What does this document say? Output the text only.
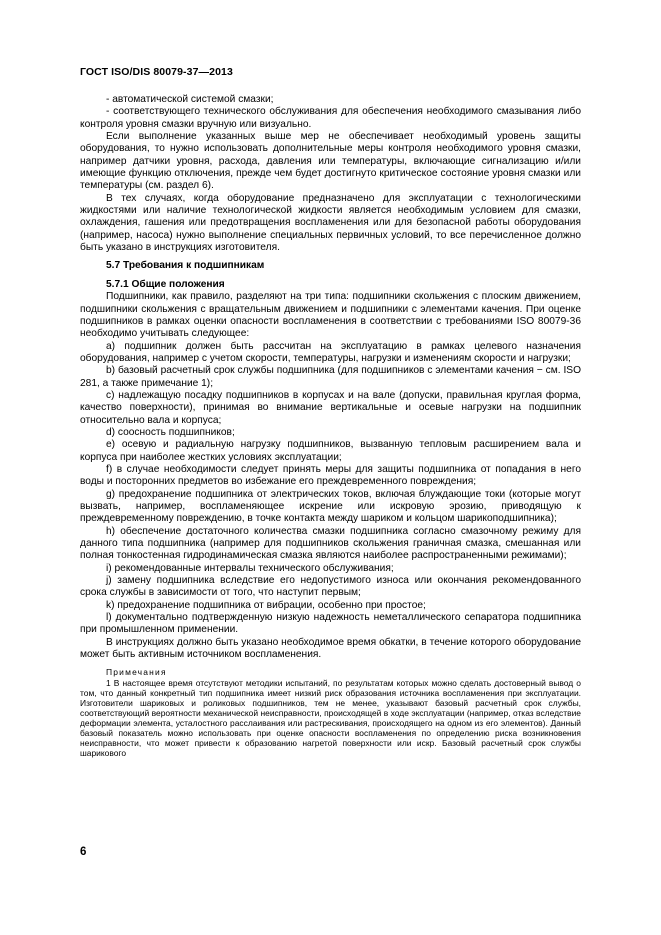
ГОСТ ISO/DIS 80079-37—2013

- автоматической системой смазки;

- соответствующего технического обслуживания для обеспечения необходимого смазывания либо контроля уровня смазки вручную или визуально.

Если выполнение указанных выше мер не обеспечивает необходимый уровень защиты оборудования, то нужно использовать дополнительные меры контроля необходимого уровня смазки, например датчики уровня, расхода, давления или температуры, включающие сигнализацию и/или имеющие функцию отключения, прежде чем будет достигнуто критическое состояние уровня смазки или температуры (см. раздел 6).

В тех случаях, когда оборудование предназначено для эксплуатации с технологическими жидкостями или наличие технологической жидкости является необходимым условием для смазки, охлаждения, гашения или предотвращения воспламенения или для безопасной работы оборудования (например, насоса) нужно выполнение специальных первичных условий, то все перечисленное должно быть указано в инструкциях изготовителя.

5.7 Требования к подшипникам

5.7.1 Общие положения

Подшипники, как правило, разделяют на три типа: подшипники скольжения с плоским движением, подшипники скольжения с вращательным движением и подшипники с элементами качения. При оценке подшипников в рамках оценки опасности воспламенения в соответствии с требованиями ISO 80079-36 необходимо учитывать следующее:

а) подшипник должен быть рассчитан на эксплуатацию в рамках целевого назначения оборудования, например с учетом скорости, температуры, нагрузки и изменениям скорости и нагрузки;

b) базовый расчетный срок службы подшипника (для подшипников с элементами качения − см. ISO 281, а также примечание 1);

c) надлежащую посадку подшипников в корпусах и на вале (допуски, правильная круглая форма, качество поверхности), принимая во внимание вертикальные и осевые нагрузки на подшипник относительно вала и корпуса;

d) соосность подшипников;

e) осевую и радиальную нагрузку подшипников, вызванную тепловым расширением вала и корпуса при наиболее жестких условиях эксплуатации;

f) в случае необходимости следует принять меры для защиты подшипника от попадания в него воды и посторонних предметов во избежание его преждевременного повреждения;

g) предохранение подшипника от электрических токов, включая блуждающие токи (которые могут вызвать, например, воспламеняющее искрение или искровую эрозию, приводящую к преждевременному повреждению, в точке контакта между шариком и кольцом шарикоподшипника);

h) обеспечение достаточного количества смазки подшипника согласно смазочному режиму для данного типа подшипника (например для подшипников скольжения граничная смазка, смешанная или полная тонкостенная гидродинамическая смазка являются наиболее распространенными режимами);

i) рекомендованные интервалы технического обслуживания;

j) замену подшипника вследствие его недопустимого износа или окончания рекомендованного срока службы в зависимости от того, что наступит первым;

k) предохранение подшипника от вибрации, особенно при простое;

l) документально подтвержденную низкую надежность неметаллического сепаратора подшипника при промышленном применении.

В инструкциях должно быть указано необходимое время обкатки, в течение которого оборудование может быть активным источником воспламенения.

Примечания

1 В настоящее время отсутствуют методики испытаний, по результатам которых можно сделать достоверный вывод о том, что данный конкретный тип подшипника имеет низкий риск образования источника воспламенения при эксплуатации. Изготовители шариковых и роликовых подшипников, тем не менее, указывают базовый расчетный срок службы, соответствующий вероятности механической неисправности, происходящей в ходе эксплуатации (например, отказ вследствие деформации элемента, усталостного расслаивания или растрескивания, происходящего на одном из его элементов). Данный базовый показатель можно использовать при оценке опасности воспламенения по определению риска возникновения неисправности, что может привести к образованию нагретой поверхности или искр. Базовый расчетный срок службы шарикового

6
